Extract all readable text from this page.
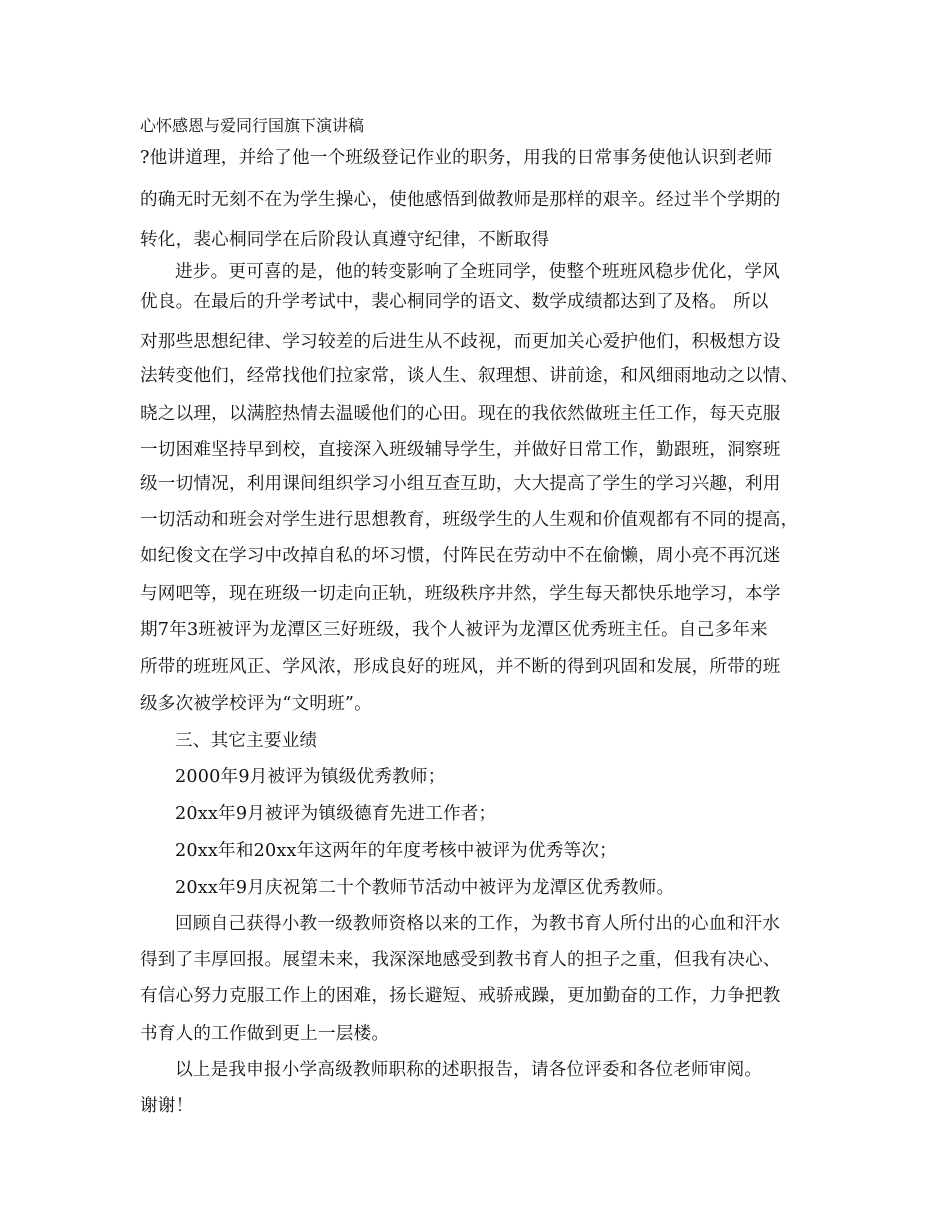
心怀感恩与爱同行国旗下演讲稿
?他讲道理，并给了他一个班级登记作业的职务，用我的日常事务使他认识到老师
的确无时无刻不在为学生操心，使他感悟到做教师是那样的艰辛。经过半个学期的
转化，裴心桐同学在后阶段认真遵守纪律，不断取得
进步。更可喜的是，他的转变影响了全班同学，使整个班班风稳步优化，学风
优良。在最后的升学考试中，裴心桐同学的语文、数学成绩都达到了及格。 所以
对那些思想纪律、学习较差的后进生从不歧视，而更加关心爱护他们，积极想方设
法转变他们，经常找他们拉家常，谈人生、叙理想、讲前途，和风细雨地动之以情、
晓之以理，以满腔热情去温暖他们的心田。现在的我依然做班主任工作，每天克服
一切困难坚持早到校，直接深入班级辅导学生，并做好日常工作，勤跟班，洞察班
级一切情况，利用课间组织学习小组互查互助，大大提高了学生的学习兴趣，利用
一切活动和班会对学生进行思想教育，班级学生的人生观和价值观都有不同的提高，
如纪俊文在学习中改掉自私的坏习惯，付阵民在劳动中不在偷懒，周小亮不再沉迷
与网吧等，现在班级一切走向正轨，班级秩序井然，学生每天都快乐地学习，本学
期7年3班被评为龙潭区三好班级，我个人被评为龙潭区优秀班主任。自己多年来
所带的班班风正、学风浓，形成良好的班风，并不断的得到巩固和发展，所带的班
级多次被学校评为“文明班”。
三、其它主要业绩
2000年9月被评为镇级优秀教师；
20xx年9月被评为镇级德育先进工作者；
20xx年和20xx年这两年的年度考核中被评为优秀等次；
20xx年9月庆祝第二十个教师节活动中被评为龙潭区优秀教师。
回顾自己获得小教一级教师资格以来的工作，为教书育人所付出的心血和汗水
得到了丰厚回报。展望未来，我深深地感受到教书育人的担子之重，但我有决心、
有信心努力克服工作上的困难，扬长避短、戒骄戒躁，更加勤奋的工作，力争把教
书育人的工作做到更上一层楼。
以上是我申报小学高级教师职称的述职报告，请各位评委和各位老师审阅。
谢谢！
